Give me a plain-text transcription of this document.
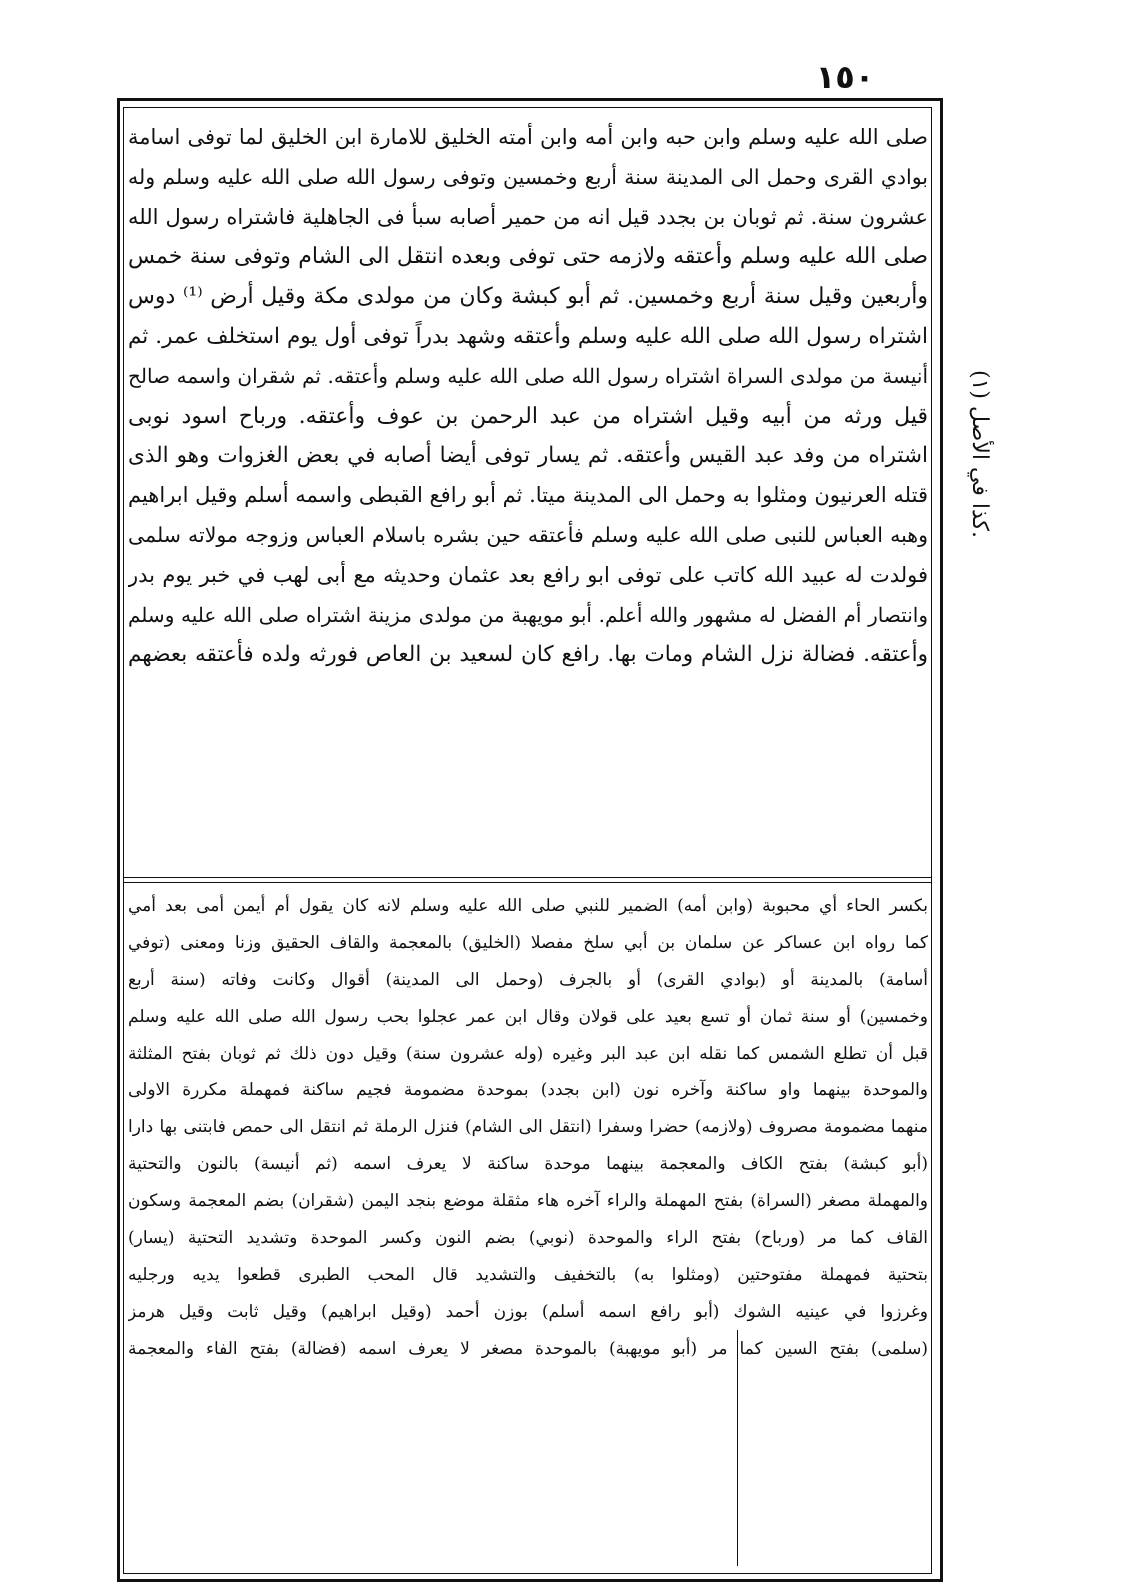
١٥٠
صلى الله عليه وسلم وابن حبه وابن أمه وابن أمته الخليق للامارة ابن الخليق لما توفى اسامة
بوادي القرى وحمل الى المدينة سنة أربع وخمسين وتوفى رسول الله صلى الله عليه وسلم وله
عشرون سنة. ثم ثوبان بن بجدد قيل انه من حمير أصابه سبأ فى الجاهلية فاشتراه رسول الله
صلى الله عليه وسلم وأعتقه ولازمه حتى توفى وبعده انتقل الى الشام وتوفى سنة خمس
وأربعين وقيل سنة أربع وخمسين. ثم أبو كبشة وكان من مولدى مكة وقيل أرض ⁽¹⁾ دوس
اشتراه رسول الله صلى الله عليه وسلم وأعتقه وشهد بدراً توفى أول يوم استخلف عمر. ثم
أنيسة من مولدى السراة اشتراه رسول الله صلى الله عليه وسلم وأعتقه. ثم شقران واسمه صالح
قيل ورثه من أبيه وقيل اشتراه من عبد الرحمن بن عوف وأعتقه. ورباح اسود نوبى
اشتراه من وفد عبد القيس وأعتقه. ثم يسار توفى أيضا أصابه في بعض الغزوات وهو الذى
قتله العرنيون ومثلوا به وحمل الى المدينة ميتا. ثم أبو رافع القبطى واسمه أسلم وقيل ابراهيم
وهبه العباس للنبى صلى الله عليه وسلم فأعتقه حين بشره باسلام العباس وزوجه مولاته سلمى
فولدت له عبيد الله كاتب على توفى ابو رافع بعد عثمان وحديثه مع أبى لهب في خبر يوم بدر
وانتصار أم الفضل له مشهور والله أعلم. أبو مويهبة من مولدى مزينة اشتراه صلى الله عليه وسلم
وأعتقه. فضالة نزل الشام ومات بها. رافع كان لسعيد بن العاص فورثه ولده فأعتقه بعضهم
بكسر الحاء أي محبوبة (وابن أمه) الضمير للنبي صلى الله عليه وسلم لانه كان يقول أم أيمن أمى بعد أمي
كما رواه ابن عساكر عن سلمان بن أبي سلخ مفصلا (الخليق) بالمعجمة والقاف الحقيق وزنا ومعنى (توفي
أسامة) بالمدينة أو (بوادي القرى) أو بالجرف (وحمل الى المدينة) أقوال وكانت وفاته (سنة أربع
وخمسين) أو سنة ثمان أو تسع بعيد على قولان وقال ابن عمر عجلوا بحب رسول الله صلى الله عليه وسلم
قبل أن تطلع الشمس كما نقله ابن عبد البر وغيره (وله عشرون سنة) وقيل دون ذلك ثم ثوبان بفتح المثلثة
والموحدة بينهما واو ساكنة وآخره نون (ابن بجدد) بموحدة مضمومة فجيم ساكنة فمهملة مكررة الاولى
منهما مضمومة مصروف (ولازمه) حضرا وسفرا (انتقل الى الشام) فنزل الرملة ثم انتقل الى حمص فابتنى بها دارا
(أبو كبشة) بفتح الكاف والمعجمة بينهما موحدة ساكنة لا يعرف اسمه (ثم أنيسة) بالنون والتحتية
والمهملة مصغر (السراة) بفتح المهملة والراء آخره هاء مثقلة موضع بنجد اليمن (شقران) بضم المعجمة وسكون
القاف كما مر (ورباح) بفتح الراء والموحدة (نوبي) بضم النون وكسر الموحدة وتشديد التحتية (يسار)
بتحتية فمهملة مفتوحتين (ومثلوا به) بالتخفيف والتشديد قال المحب الطبرى قطعوا يديه ورجليه
وغرزوا في عينيه الشوك (أبو رافع اسمه أسلم) بوزن أحمد (وقيل ابراهيم) وقيل ثابت وقيل هرمز
(سلمى) بفتح السين كما مر (أبو مويهبة) بالموحدة مصغر لا يعرف اسمه (فضالة) بفتح الفاء والمعجمة
(١) كذا في الأصل.
